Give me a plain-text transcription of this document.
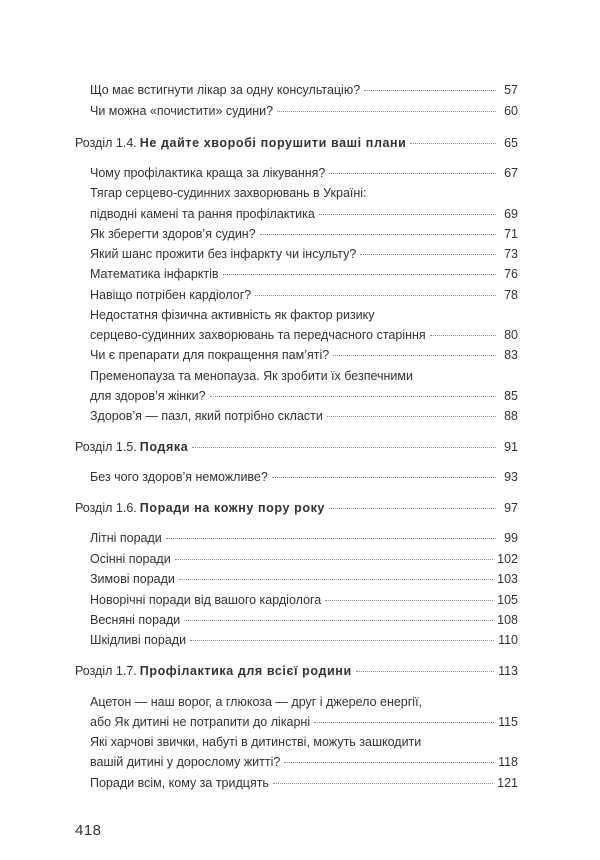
Що має встигнути лікар за одну консультацію?	57
Чи можна «почистити» судини?	60
Розділ 1.4. Не дайте хворобі порушити ваші плани	65
Чому профілактика краща за лікування?	67
Тягар серцево-судинних захворювань в Україні:
підводні камені та рання профілактика	69
Як зберегти здоров’я судин?	71
Який шанс прожити без інфаркту чи інсульту?	73
Математика інфарктів	76
Навіщо потрібен кардіолог?	78
Недостатня фізична активність як фактор ризику
серцево-судинних захворювань та передчасного старіння	80
Чи є препарати для покращення пам’яті?	83
Пременопауза та менопауза. Як зробити їх безпечними
для здоров’я жінки?	85
Здоров’я — пазл, який потрібно скласти	88
Розділ 1.5. Подяка	91
Без чого здоров’я неможливе?	93
Розділ 1.6. Поради на кожну пору року	97
Літні поради	99
Осінні поради	102
Зимові поради	103
Новорічні поради від вашого кардіолога	105
Весняні поради	108
Шкідливі поради	110
Розділ 1.7. Профілактика для всієї родини	113
Ацетон — наш ворог, а глюкоза — друг і джерело енергії,
або Як дитині не потрапити до лікарні	115
Які харчові звички, набуті в дитинстві, можуть зашкодити
вашій дитині у дорослому житті?	118
Поради всім, кому за тридцять	121
418
